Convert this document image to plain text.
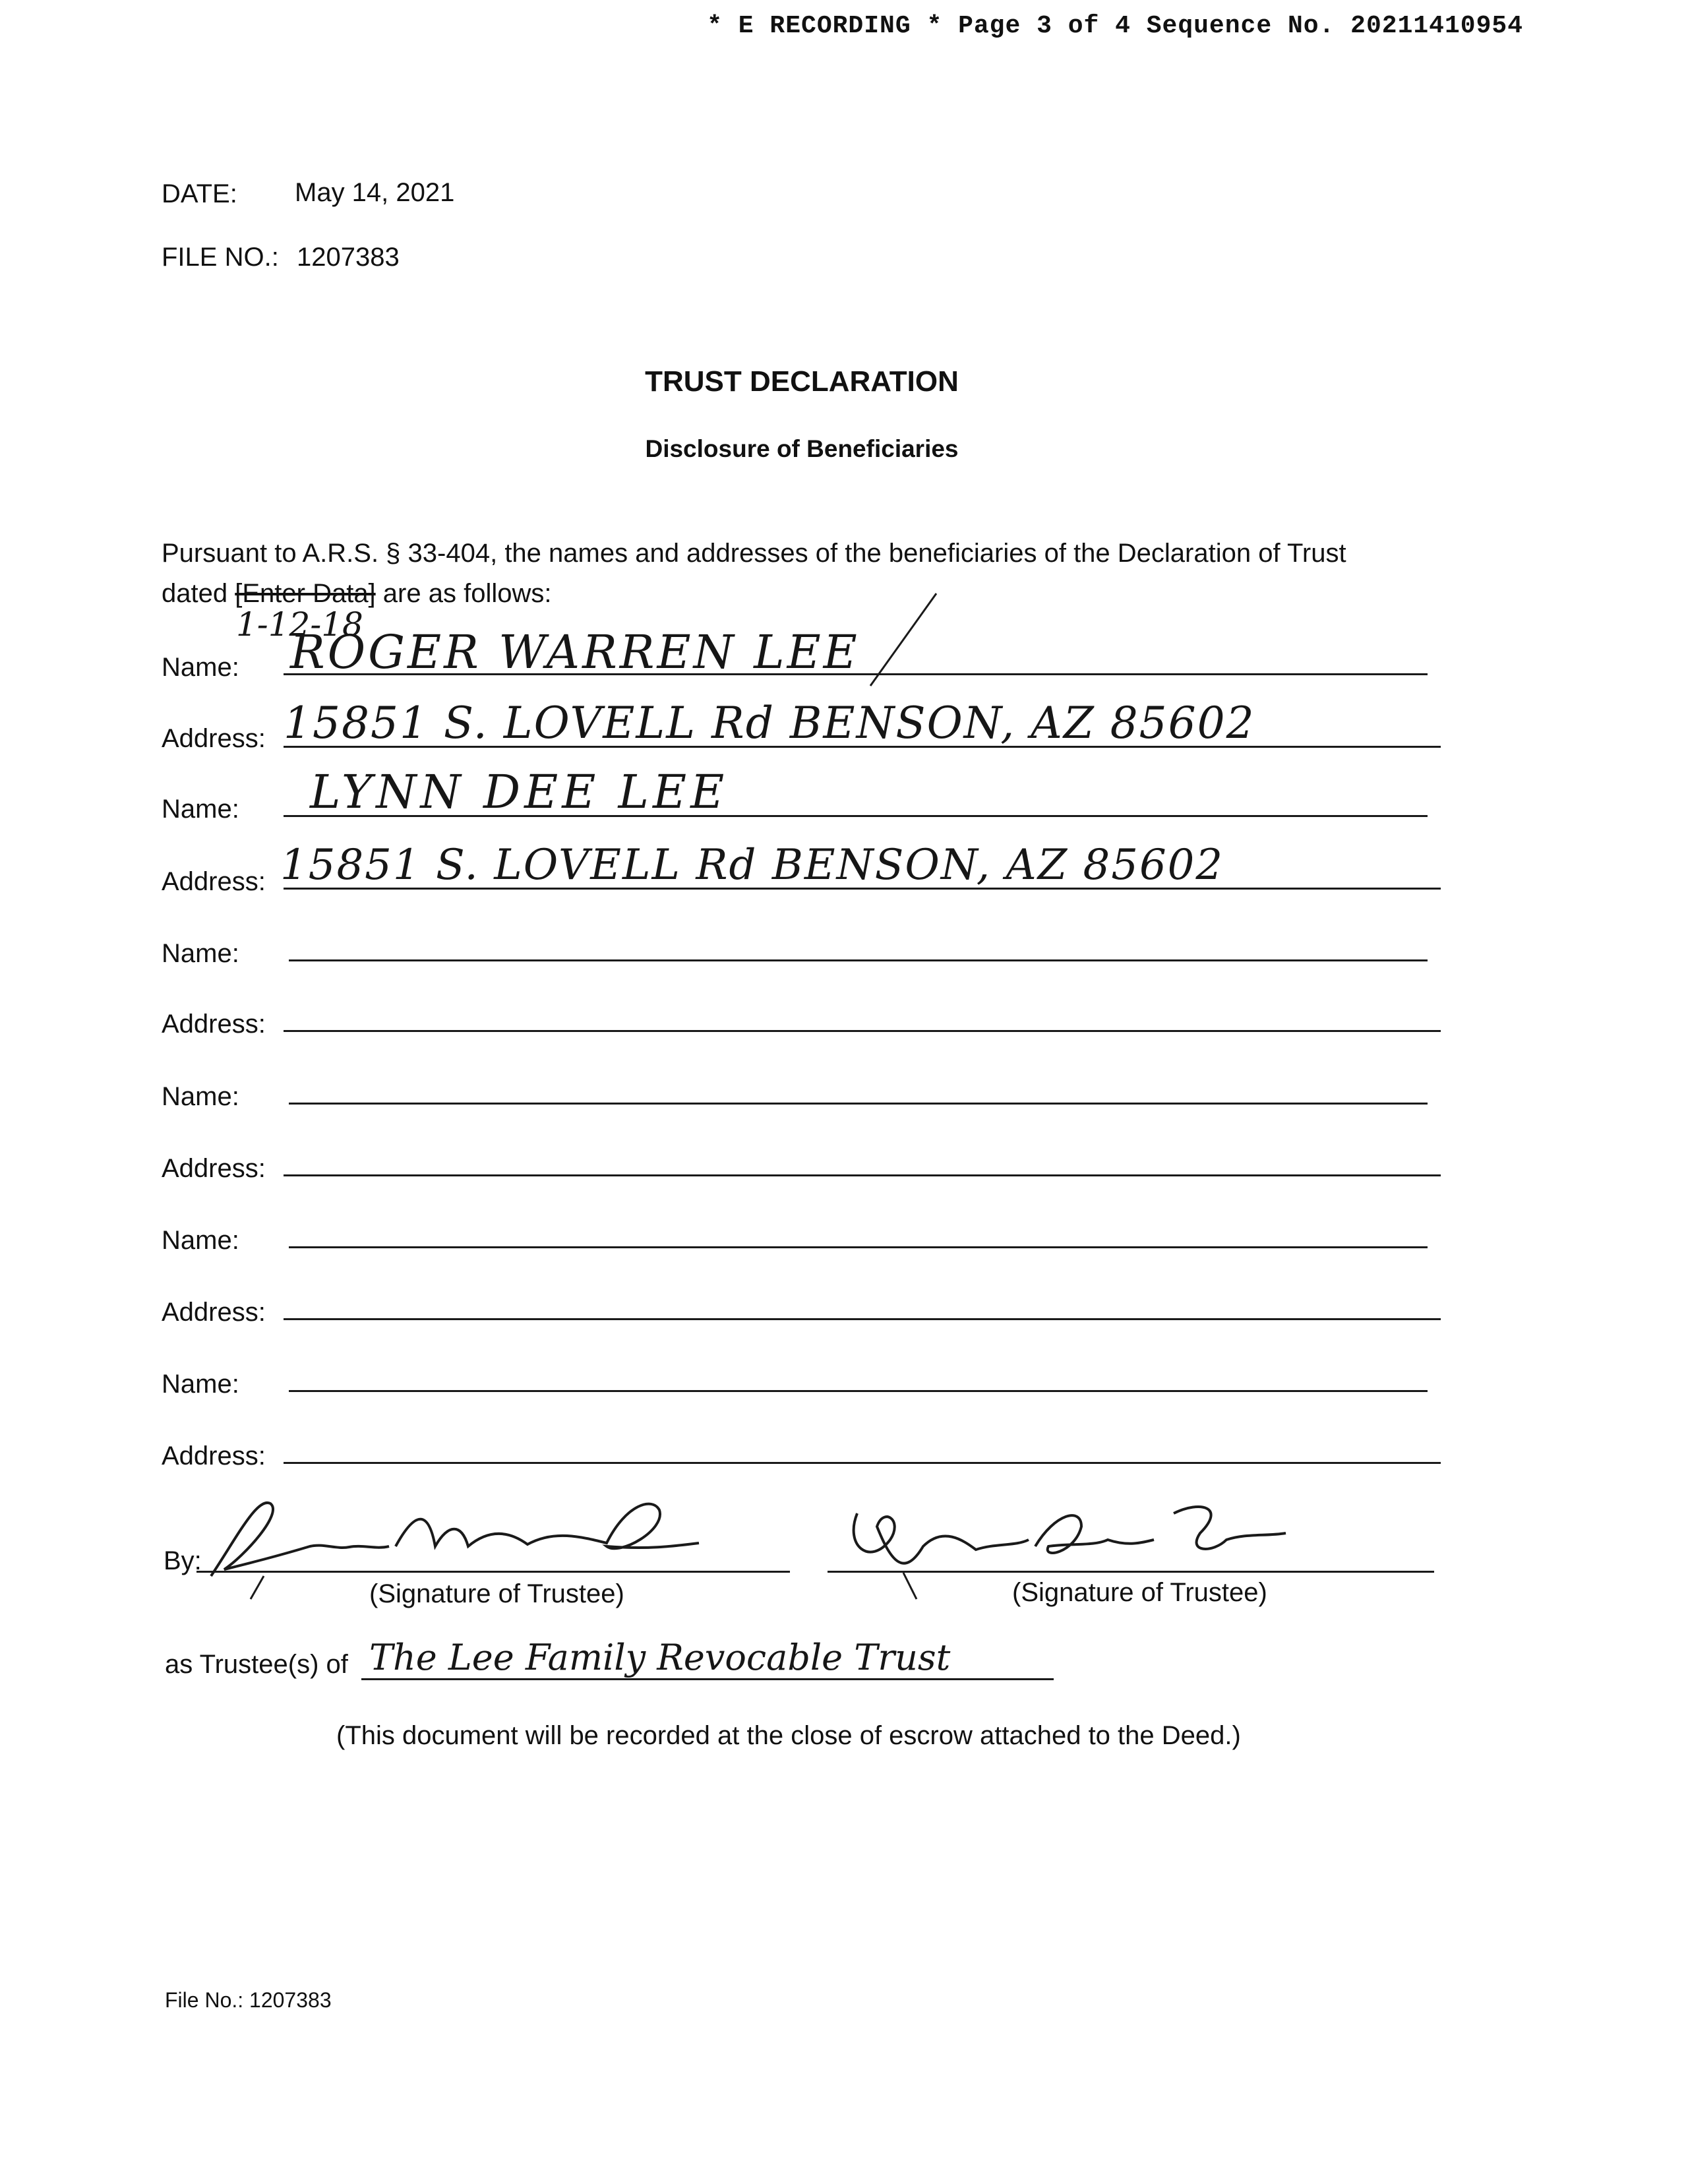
* E RECORDING * Page 3 of 4 Sequence No. 20211410954
DATE: May 14, 2021
FILE NO.: 1207383
TRUST DECLARATION
Disclosure of Beneficiaries
Pursuant to A.R.S. § 33-404, the names and addresses of the beneficiaries of the Declaration of Trust
dated [Enter Data] are as follows:
1-12-18
Name: ROGER WARREN LEE
Address: 15851 S. LOVELL Rd BENSON, AZ 85602
Name: LYNN DEE LEE
Address: 15851 S. LOVELL Rd BENSON, AZ 85602
Name:
Address:
Name:
Address:
Name:
Address:
Name:
Address:
By:
(Signature of Trustee)	(Signature of Trustee)
as Trustee(s) of The Lee Family Revocable Trust
(This document will be recorded at the close of escrow attached to the Deed.)
File No.: 1207383
